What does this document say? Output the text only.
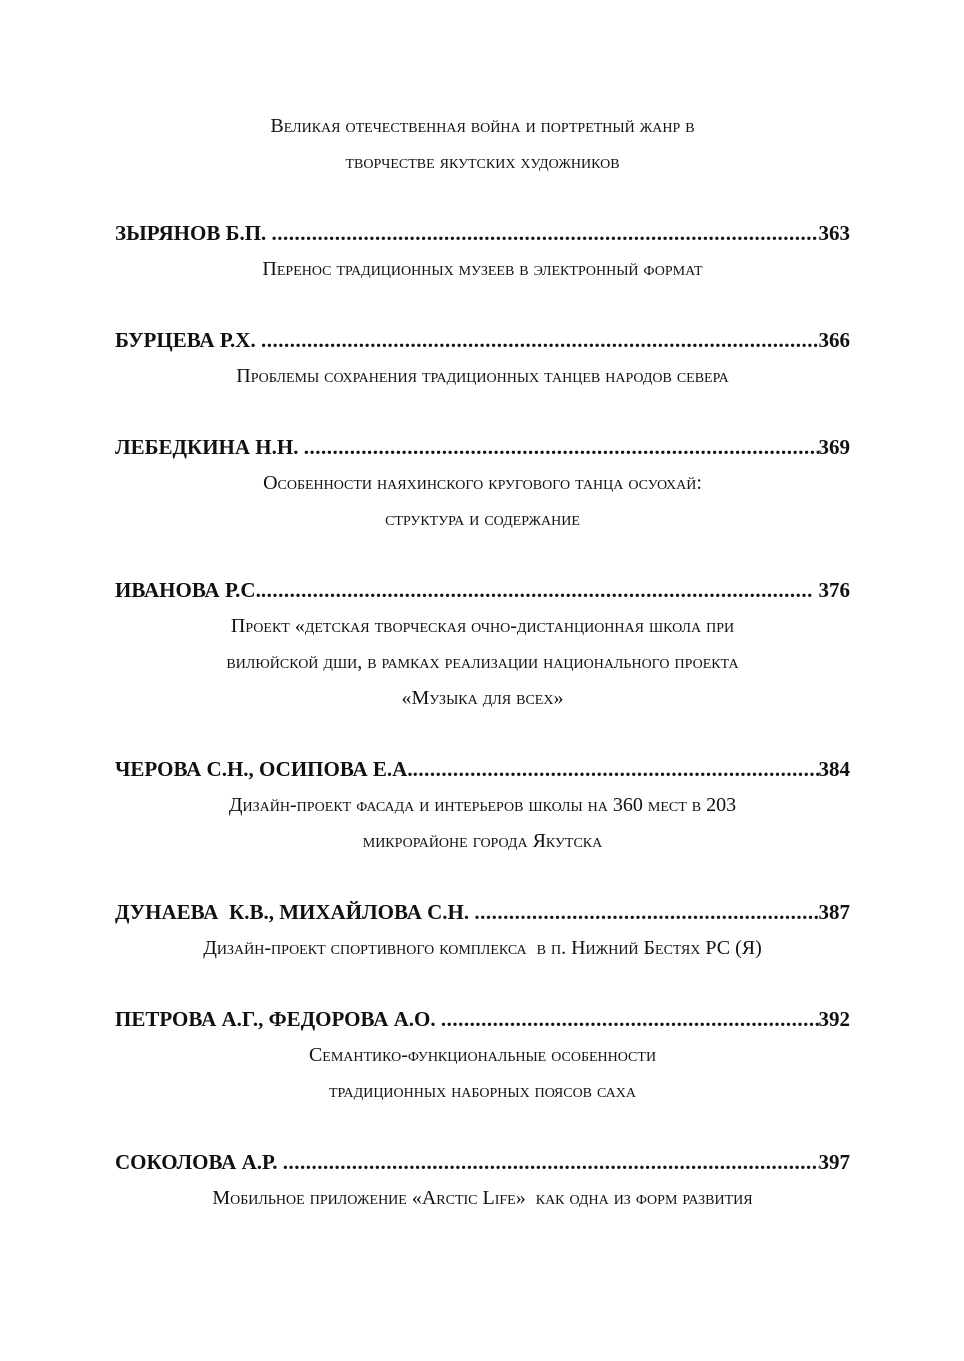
Великая отечественная война и портретный жанр в
творчестве якутских художников
ЗЫРЯНОВ Б.П. .....	363
Перенос традиционных музеев в электронный формат
БУРЦЕВА Р.Х. .....	366
Проблемы сохранения традиционных танцев народов севера
ЛЕБЕДКИНА Н.Н. .....	369
Особенности наяхинского кругового танца осуохай:
структура и содержание
ИВАНОВА Р.С. .....	376
Проект «детская творческая очно-дистанционная школа при
вилюйской дши, в рамках реализации национального проекта
«Музыка для всех»
ЧЕРОВА С.Н., ОСИПОВА Е.А. .....	384
Дизайн-проект фасада и интерьеров школы на 360 мест в 203
микрорайоне города Якутска
ДУНАЕВА  К.В., МИХАЙЛОВА С.Н. .....	387
Дизайн-проект спортивного комплекса  в п. Нижний Бестях РС (Я)
ПЕТРОВА А.Г., ФЕДОРОВА А.О. .....	392
Семантико-функциональные особенности
традиционных наборных поясов саха
СОКОЛОВА А.Р. .....	397
Мобильное приложение «Arctic Life»  как одна из форм развития
